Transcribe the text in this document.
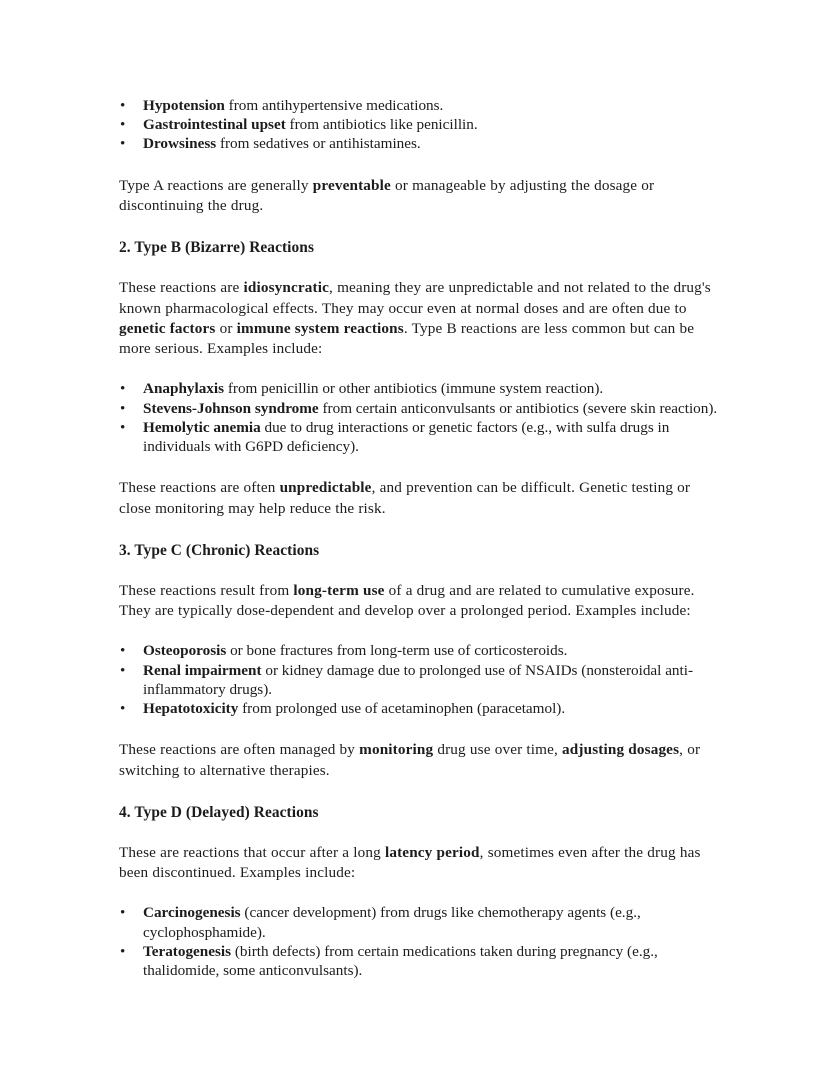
•	Hypotension from antihypertensive medications.
•	Gastrointestinal upset from antibiotics like penicillin.
•	Drowsiness from sedatives or antihistamines.

Type A reactions are generally preventable or manageable by adjusting the dosage or discontinuing the drug.

2. Type B (Bizarre) Reactions

These reactions are idiosyncratic, meaning they are unpredictable and not related to the drug's known pharmacological effects. They may occur even at normal doses and are often due to genetic factors or immune system reactions. Type B reactions are less common but can be more serious. Examples include:

•	Anaphylaxis from penicillin or other antibiotics (immune system reaction).
•	Stevens-Johnson syndrome from certain anticonvulsants or antibiotics (severe skin reaction).
•	Hemolytic anemia due to drug interactions or genetic factors (e.g., with sulfa drugs in individuals with G6PD deficiency).

These reactions are often unpredictable, and prevention can be difficult. Genetic testing or close monitoring may help reduce the risk.

3. Type C (Chronic) Reactions

These reactions result from long-term use of a drug and are related to cumulative exposure. They are typically dose-dependent and develop over a prolonged period. Examples include:

•	Osteoporosis or bone fractures from long-term use of corticosteroids.
•	Renal impairment or kidney damage due to prolonged use of NSAIDs (nonsteroidal anti-inflammatory drugs).
•	Hepatotoxicity from prolonged use of acetaminophen (paracetamol).

These reactions are often managed by monitoring drug use over time, adjusting dosages, or switching to alternative therapies.

4. Type D (Delayed) Reactions

These are reactions that occur after a long latency period, sometimes even after the drug has been discontinued. Examples include:

•	Carcinogenesis (cancer development) from drugs like chemotherapy agents (e.g., cyclophosphamide).
•	Teratogenesis (birth defects) from certain medications taken during pregnancy (e.g., thalidomide, some anticonvulsants).
